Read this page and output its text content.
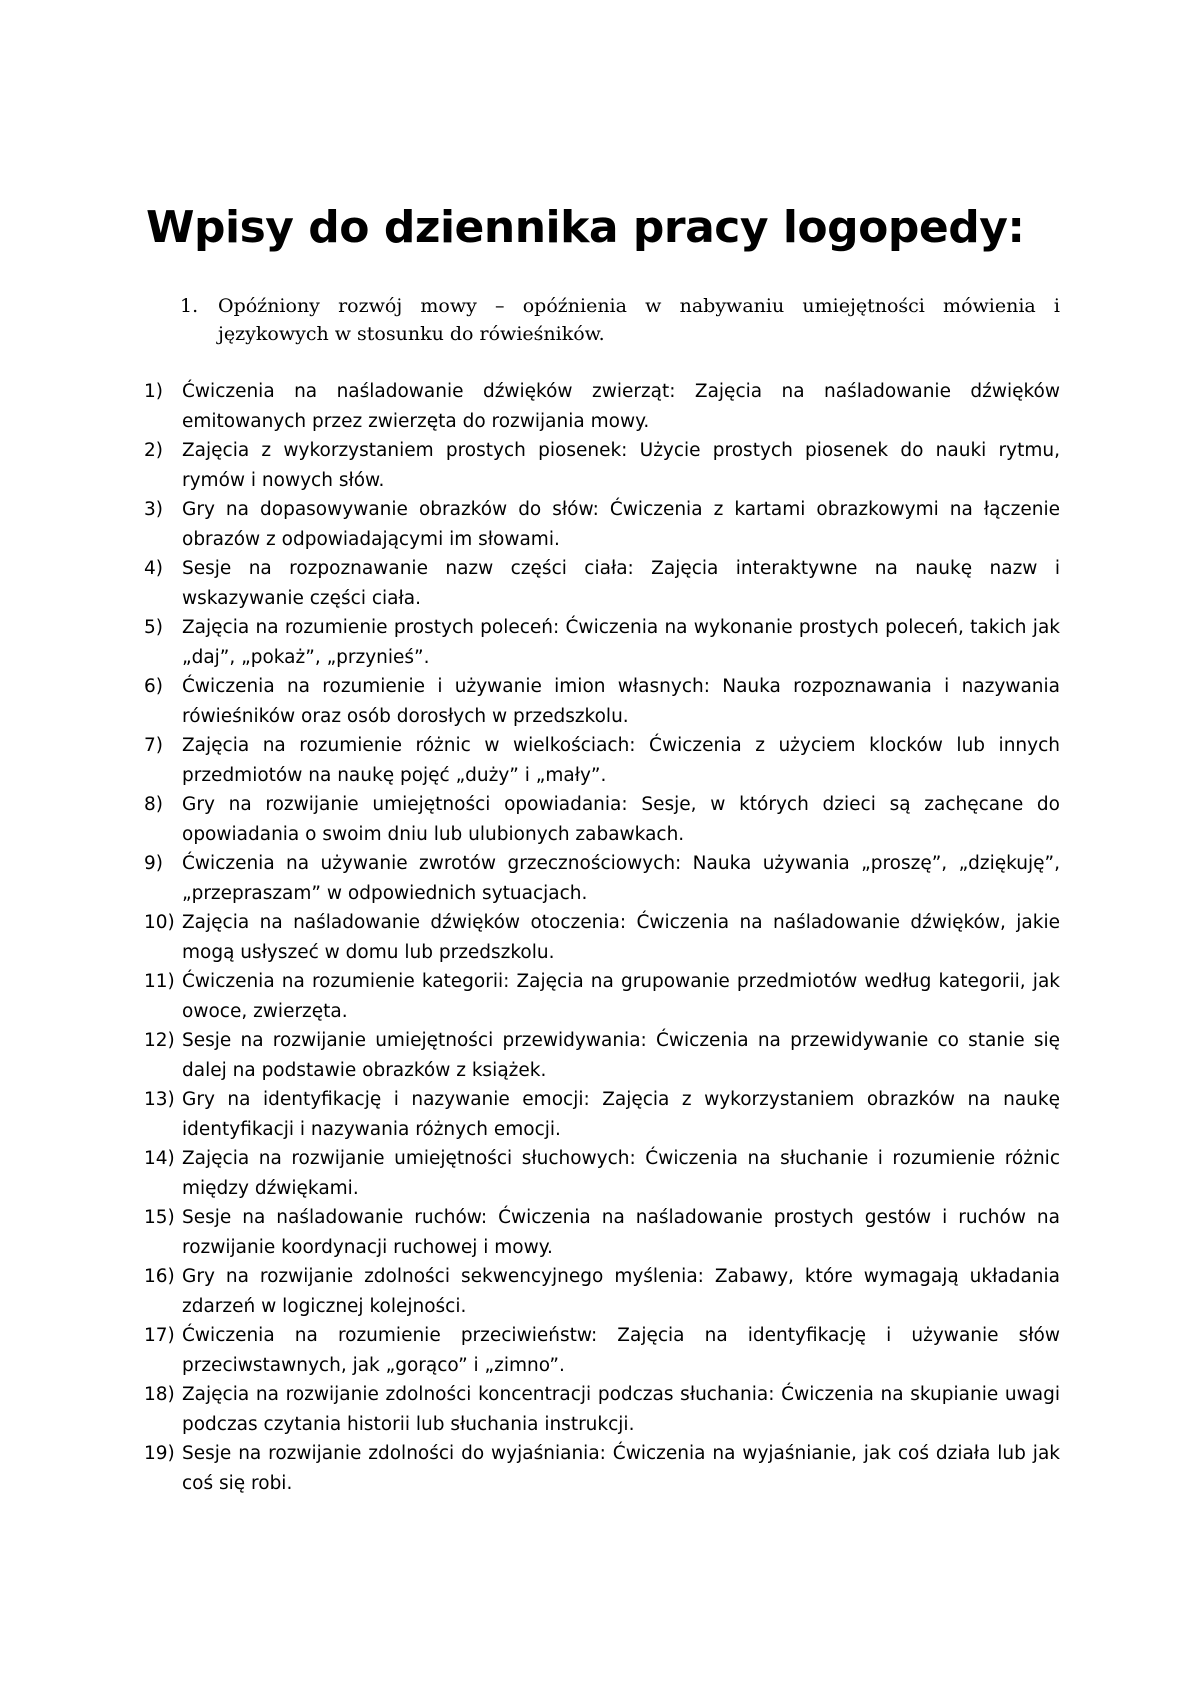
Wpisy do dziennika pracy logopedy:
1. Opóźniony rozwój mowy – opóźnienia w nabywaniu umiejętności mówienia i językowych w stosunku do rówieśników.
1) Ćwiczenia na naśladowanie dźwięków zwierząt: Zajęcia na naśladowanie dźwięków emitowanych przez zwierzęta do rozwijania mowy.
2) Zajęcia z wykorzystaniem prostych piosenek: Użycie prostych piosenek do nauki rytmu, rymów i nowych słów.
3) Gry na dopasowywanie obrazków do słów: Ćwiczenia z kartami obrazkowymi na łączenie obrazów z odpowiadającymi im słowami.
4) Sesje na rozpoznawanie nazw części ciała: Zajęcia interaktywne na naukę nazw i wskazywanie części ciała.
5) Zajęcia na rozumienie prostych poleceń: Ćwiczenia na wykonanie prostych poleceń, takich jak „daj”, „pokaż”, „przynieś”.
6) Ćwiczenia na rozumienie i używanie imion własnych: Nauka rozpoznawania i nazywania rówieśników oraz osób dorosłych w przedszkolu.
7) Zajęcia na rozumienie różnic w wielkościach: Ćwiczenia z użyciem klocków lub innych przedmiotów na naukę pojęć „duży” i „mały”.
8) Gry na rozwijanie umiejętności opowiadania: Sesje, w których dzieci są zachęcane do opowiadania o swoim dniu lub ulubionych zabawkach.
9) Ćwiczenia na używanie zwrotów grzecznościowych: Nauka używania „proszę”, „dziękuję”, „przepraszam” w odpowiednich sytuacjach.
10) Zajęcia na naśladowanie dźwięków otoczenia: Ćwiczenia na naśladowanie dźwięków, jakie mogą usłyszeć w domu lub przedszkolu.
11) Ćwiczenia na rozumienie kategorii: Zajęcia na grupowanie przedmiotów według kategorii, jak owoce, zwierzęta.
12) Sesje na rozwijanie umiejętności przewidywania: Ćwiczenia na przewidywanie co stanie się dalej na podstawie obrazków z książek.
13) Gry na identyfikację i nazywanie emocji: Zajęcia z wykorzystaniem obrazków na naukę identyfikacji i nazywania różnych emocji.
14) Zajęcia na rozwijanie umiejętności słuchowych: Ćwiczenia na słuchanie i rozumienie różnic między dźwiękami.
15) Sesje na naśladowanie ruchów: Ćwiczenia na naśladowanie prostych gestów i ruchów na rozwijanie koordynacji ruchowej i mowy.
16) Gry na rozwijanie zdolności sekwencyjnego myślenia: Zabawy, które wymagają układania zdarzeń w logicznej kolejności.
17) Ćwiczenia na rozumienie przeciwieństw: Zajęcia na identyfikację i używanie słów przeciwstawnych, jak „gorąco” i „zimno”.
18) Zajęcia na rozwijanie zdolności koncentracji podczas słuchania: Ćwiczenia na skupianie uwagi podczas czytania historii lub słuchania instrukcji.
19) Sesje na rozwijanie zdolności do wyjaśniania: Ćwiczenia na wyjaśnianie, jak coś działa lub jak coś się robi.
